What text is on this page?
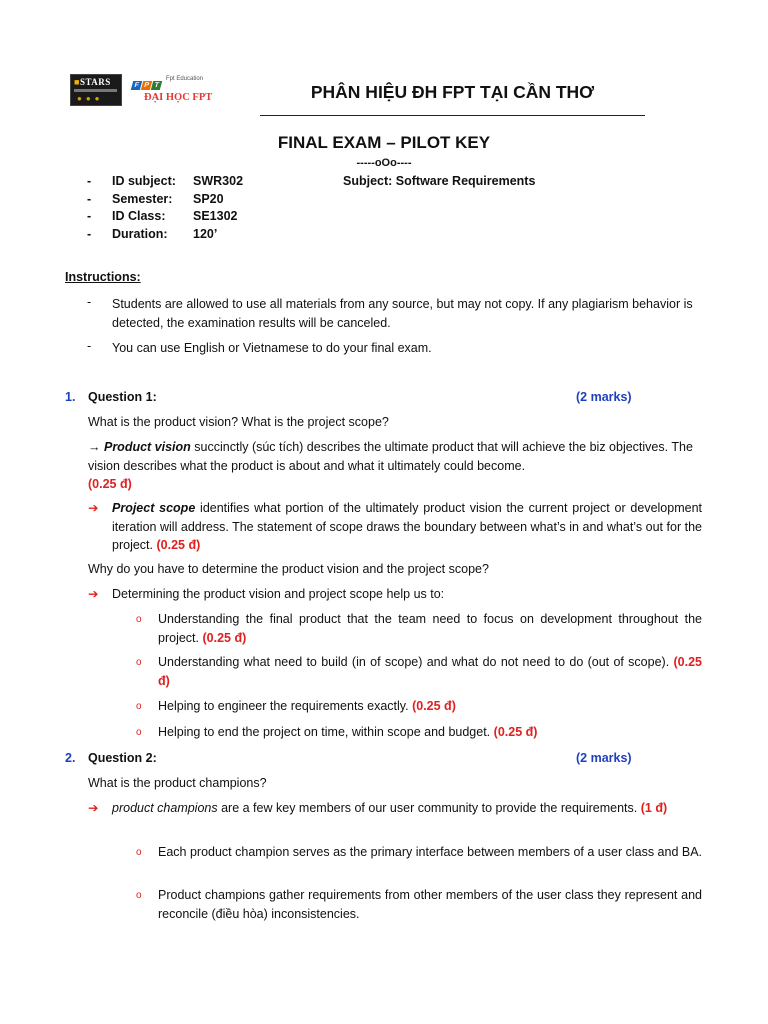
■STARS
●●●
F P T
Fpt Education
ĐẠI HỌC FPT	PHÂN HIỆU ĐH FPT TẠI CẦN THƠ
FINAL EXAM – PILOT KEY
-----oOo----
- ID subject: SWR302
- Semester: SP20
- ID Class: SE1302
- Duration: 120’
Subject: Software Requirements
Instructions:
- Students are allowed to use all materials from any source, but may not copy. If any plagiarism behavior is detected, the examination results will be canceled.
- You can use English or Vietnamese to do your final exam.
1. Question 1:	(2 marks)
What is the product vision? What is the project scope?
→ Product vision succinctly (súc tích) describes the ultimate product that will achieve the biz objectives. The vision describes what the product is about and what it ultimately could become.
(0.25 đ)
➔ Project scope identifies what portion of the ultimately product vision the current project or development iteration will address. The statement of scope draws the boundary between what’s in and what’s out for the project. (0.25 đ)
Why do you have to determine the product vision and the project scope?
➔ Determining the product vision and project scope help us to:
o Understanding the final product that the team need to focus on development throughout the project. (0.25 đ)
o Understanding what need to build (in of scope) and what do not need to do (out of scope). (0.25 đ)
o Helping to engineer the requirements exactly. (0.25 đ)
o Helping to end the project on time, within scope and budget. (0.25 đ)
2. Question 2:	(2 marks)
What is the product champions?
➔ product champions are a few key members of our user community to provide the requirements. (1 đ)
o Each product champion serves as the primary interface between members of a user class and BA.
o Product champions gather requirements from other members of the user class they represent and reconcile (điều hòa) inconsistencies.
